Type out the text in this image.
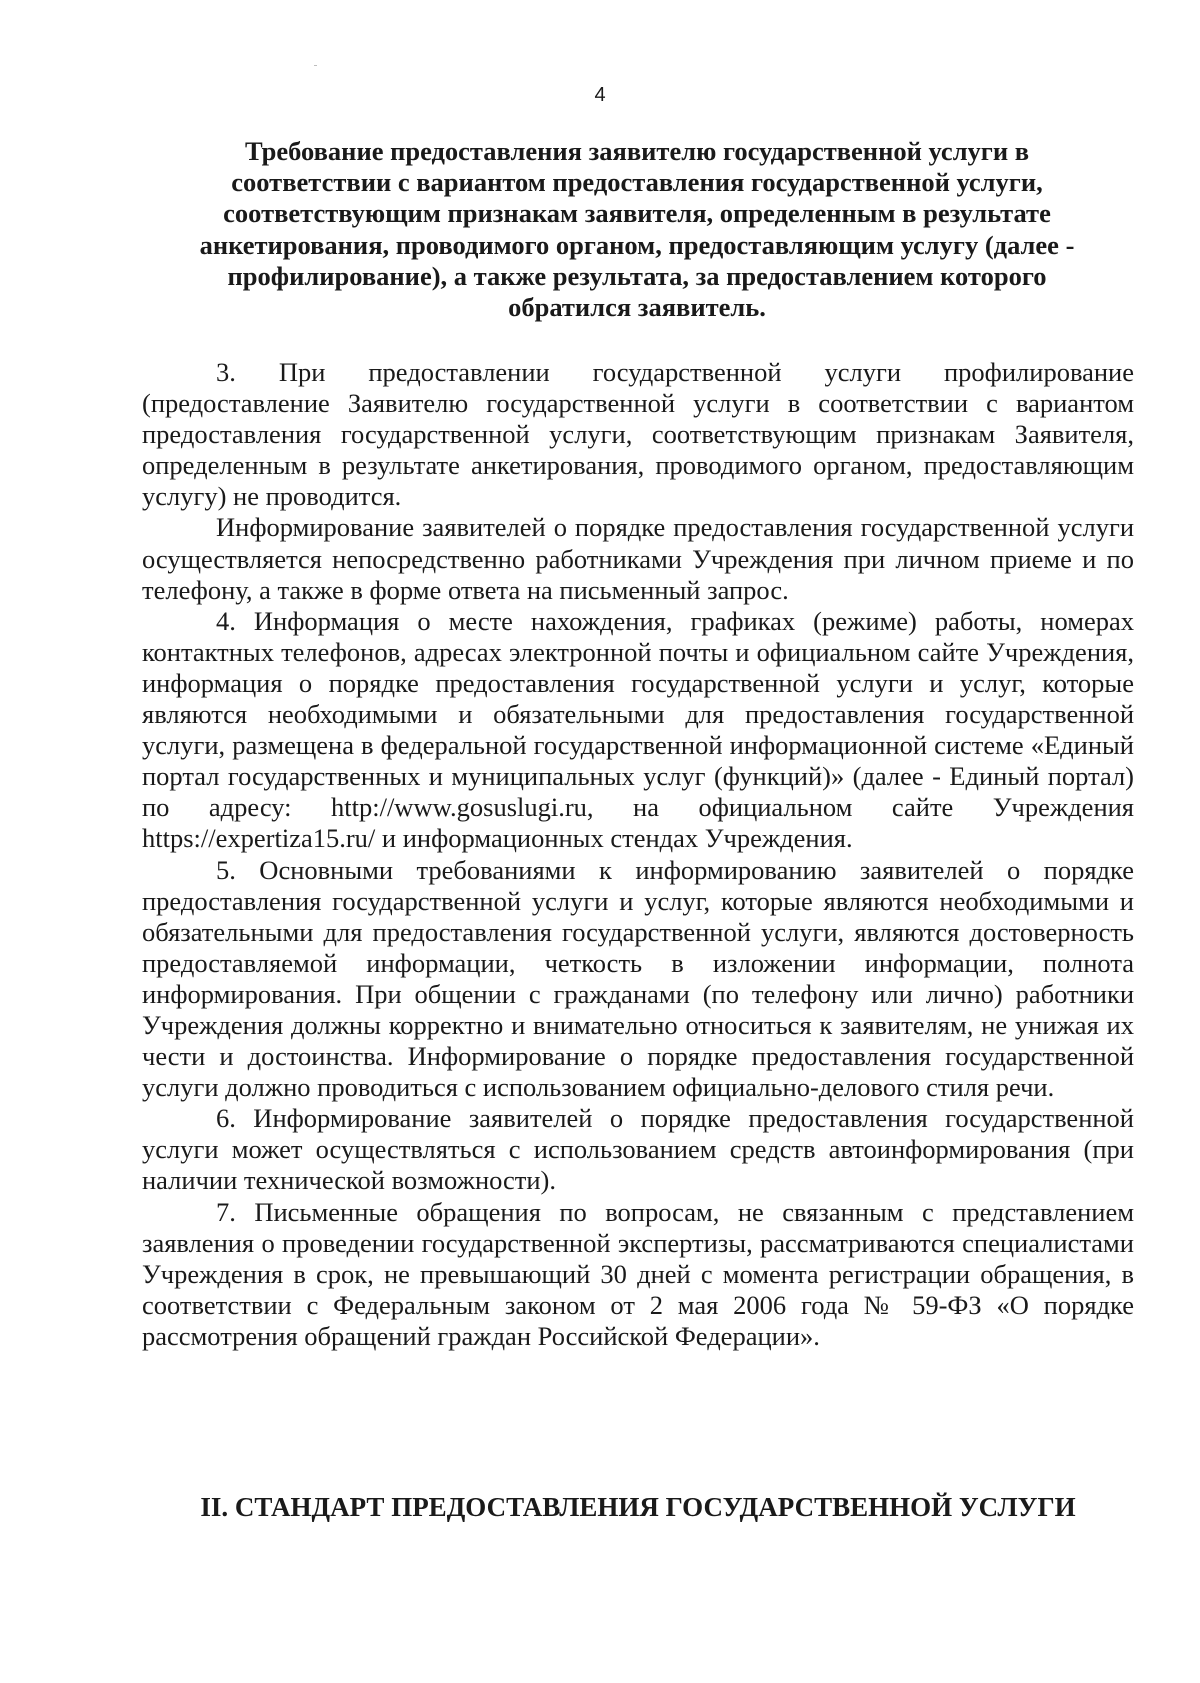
4
Требование предоставления заявителю государственной услуги в соответствии с вариантом предоставления государственной услуги, соответствующим признакам заявителя, определенным в результате анкетирования, проводимого органом, предоставляющим услугу (далее - профилирование), а также результата, за предоставлением которого обратился заявитель.

3. При предоставлении государственной услуги профилирование (предоставление Заявителю государственной услуги в соответствии с вариантом предоставления государственной услуги, соответствующим признакам Заявителя, определенным в результате анкетирования, проводимого органом, предоставляющим услугу) не проводится.

Информирование заявителей о порядке предоставления государственной услуги осуществляется непосредственно работниками Учреждения при личном приеме и по телефону, а также в форме ответа на письменный запрос.

4. Информация о месте нахождения, графиках (режиме) работы, номерах контактных телефонов, адресах электронной почты и официальном сайте Учреждения, информация о порядке предоставления государственной услуги и услуг, которые являются необходимыми и обязательными для предоставления государственной услуги, размещена в федеральной государственной информационной системе «Единый портал государственных и муниципальных услуг (функций)» (далее - Единый портал) по адресу: http://www.gosuslugi.ru, на официальном сайте Учреждения https://expertiza15.ru/ и информационных стендах Учреждения.

5. Основными требованиями к информированию заявителей о порядке предоставления государственной услуги и услуг, которые являются необходимыми и обязательными для предоставления государственной услуги, являются достоверность предоставляемой информации, четкость в изложении информации, полнота информирования. При общении с гражданами (по телефону или лично) работники Учреждения должны корректно и внимательно относиться к заявителям, не унижая их чести и достоинства. Информирование о порядке предоставления государственной услуги должно проводиться с использованием официально-делового стиля речи.

6. Информирование заявителей о порядке предоставления государственной услуги может осуществляться с использованием средств автоинформирования (при наличии технической возможности).

7. Письменные обращения по вопросам, не связанным с представлением заявления о проведении государственной экспертизы, рассматриваются специалистами Учреждения в срок, не превышающий 30 дней с момента регистрации обращения, в соответствии с Федеральным законом от 2 мая 2006 года № 59-ФЗ «О порядке рассмотрения обращений граждан Российской Федерации».

II. СТАНДАРТ ПРЕДОСТАВЛЕНИЯ ГОСУДАРСТВЕННОЙ УСЛУГИ
